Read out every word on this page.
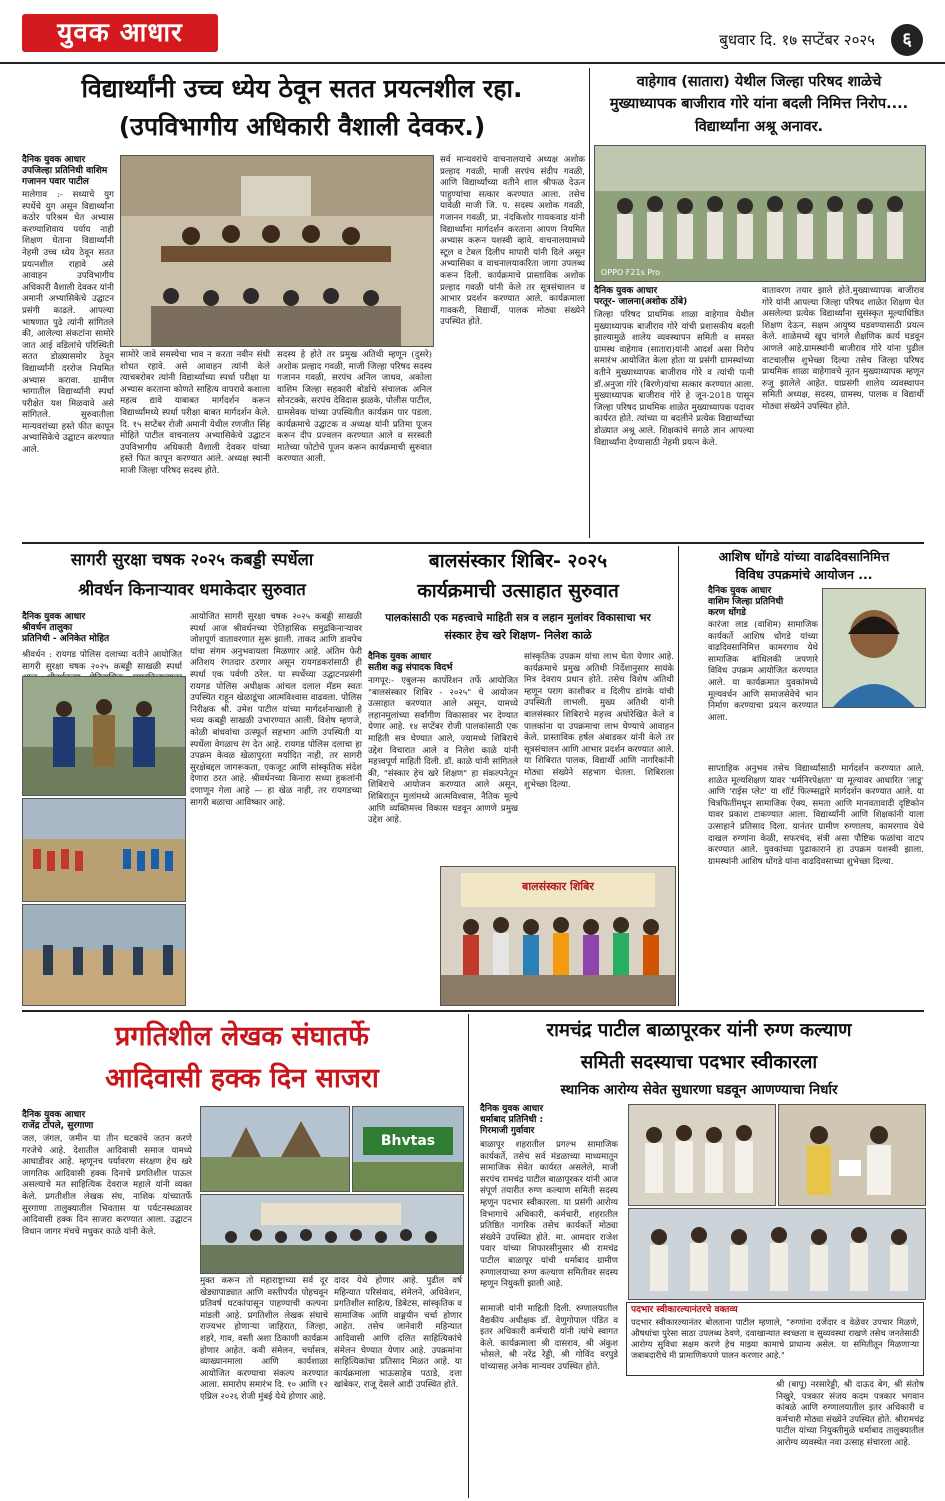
युवक आधार	बुधवार दि. १७ सप्टेंबर २०२५	६
विद्यार्थ्यांनी उच्च ध्येय ठेवून सतत प्रयत्नशील रहा.
(उपविभागीय अधिकारी वैशाली देवकर.)
दैनिक युवक आधार
उपजिल्हा प्रतिनिधी वाशिम
गजानन पवार पाटील
मालेगाव :- सध्याचे युग स्पर्धेचे युग असून विद्यार्थ्यांना कठोर परिश्रम घेत अभ्यास करण्याशिवाय पर्याय नाही शिक्षण घेताना विद्यार्थ्यांनी नेहमी उच्च ध्येय ठेवून सतत प्रयत्नशील राहावे असे आवाहन उपविभागीय अधिकारी वैशाली देवकर यांनी अमानी अभ्यासिकेचे उद्घाटन प्रसंगी काढले. आपल्या भाषणात पुढे त्यांनी सांगितले की, आलेल्या संकटांना सामोरे जात आई वडिलांचे परिस्थिती सतत डोळ्यासमोर ठेवून विद्यार्थ्यांनी दररोज नियमित अभ्यास करावा. ग्रामीण भागातील विद्यार्थ्यांनी स्पर्धा परीक्षेत यश मिळवावे असे सांगितले. सुरुवातीला मान्यवरांच्या हस्ते फीत कापून अभ्यासिकेचे उद्घाटन करण्यात आले.
सामोरे जावे समस्येचा भाव न करता नवीन संधी शोधत रहावे. असे आवाहन त्यांनी केले त्याचबरोबर त्यांनी विद्यार्थ्यांच्या स्पर्धा परीक्षा या अभ्यास करताना कोणते साहित्य वापरावे कशाला महत्व द्यावे याबाबत मार्गदर्शन करून विद्यार्थ्यांमध्ये स्पर्धा परीक्षा बाबत मार्गदर्शन केले. दि. १५ सप्टेंबर रोजी अमानी येथील रणजीत सिंह मोहिते पाटील वाचनालय अभ्यासिकेचे उद्घाटन उपविभागीय अधिकारी वैशाली देवकर यांच्या हस्ते फित कापून करण्यात आले. अध्यक्ष स्थानी माजी जिल्हा परिषद सदस्य होते.
सदस्य हे होते तर प्रमुख अतिथी म्हणून (दुसरे) अशोक प्रल्हाद गवळी, माजी जिल्हा परिषद सदस्य गजानन गवळी, सरपंच अनिल जाधव, अकोला वाशिम जिल्हा सहकारी बोर्डाचे संचालक अनिल सोनटक्के, सरपंच देविदास झळके, पोलीस पाटील, ग्रामसेवक यांच्या उपस्थितीत कार्यक्रम पार पडला. कार्यक्रमाचे उद्घाटक व अध्यक्ष यांनी प्रतिमा पूजन करून दीप प्रज्वलन करण्यात आले व सरस्वती मातेच्या फोटोचे पूजन करून कार्यक्रमाची सुरुवात करण्यात आली.
सर्व मान्यवरांचे वाचनालयाचे अध्यक्ष अशोक प्रल्हाद गवळी, माजी सरपंच संदीप गवळी, आणि विद्यार्थ्यांच्या वतीने शाल श्रीफळ देऊन पाहुण्यांचा सत्कार करण्यात आला. तसेच यावेळी माजी जि. प. सदस्य अशोक गवळी, गजानन गवळी, प्रा. नंदकिशोर गायकवाड यांनी विद्यार्थ्यांना मार्गदर्शन करताना आपण नियमित अभ्यास करून यशस्वी व्हावे. वाचनालयामध्ये स्टूल व टेबल दिलीप मापारी यांनी दिले असून अभ्यासिका व वाचनालयाकरिता जागा उपलब्ध करून दिली. कार्यक्रमाचे प्रास्ताविक अशोक प्रल्हाद गवळी यांनी केले तर सूत्रसंचालन व आभार प्रदर्शन करण्यात आले. कार्यक्रमाला गावकरी, विद्यार्थी, पालक मोठ्या संख्येने उपस्थित होते.
वाहेगाव (सातारा) येथील जिल्हा परिषद शाळेचे
मुख्याध्यापक बाजीराव गोरे यांना बदली निमित्त निरोप....
विद्यार्थ्यांना अश्रू अनावर.
OPPO F21s Pro
दैनिक युवक आधार
परतूर- जालना(अशोक ठोंबे)
जिल्हा परिषद प्राथमिक शाळा वाहेगाव येथील मुख्याध्यापक बाजीराव गोरे यांची प्रशासकीय बदली झाल्यामुळे शालेय व्यवस्थापन समिती व समस्त ग्रामस्थ वाहेगाव (सातारा)यांनी आदर्श असा निरोप समारंभ आयोजित केला होता या प्रसंगी ग्रामस्थांच्या वतीने मुख्याध्यापक बाजीराव गोरे व त्यांची पत्नी डॉ.अनुजा गोरे (बिरणे)यांचा सत्कार करण्यात आला. मुख्याध्यापक बाजीराव गोरे हे जून-2018 पासून जिल्हा परिषद प्राथमिक शाळेत मुख्याध्यापक पदावर कार्यरत होते. त्यांच्या या बदलीने प्रत्येक विद्यार्थ्यांच्या डोळ्यात अश्रू आले. शिक्षकांचे सगळे ज्ञान आपल्या विद्यार्थ्यांना देण्यासाठी नेहमी प्रयत्न केले.
वातावरण तयार झाले होते.मुख्याध्यापक बाजीराव गोरे यांनी आपल्या जिल्हा परिषद शाळेत शिक्षण घेत असलेल्या प्रत्येक विद्यार्थ्यांना सुसंस्कृत मूल्याधिष्ठित शिक्षण देऊन, सक्षम आयुष्य घडवण्यासाठी प्रयत्न केले. शाळेमध्ये खूप चांगले शैक्षणिक कार्य घडवून आणले आहे.ग्रामस्थांनी बाजीराव गोरे यांना पुढील वाटचालीस शुभेच्छा दिल्या तसेच जिल्हा परिषद प्राथमिक शाळा वाहेगावचे नूतन मुख्याध्यापक म्हणून रुजू झालेले आहेत. याप्रसंगी शालेय व्यवस्थापन समिती अध्यक्ष, सदस्य, ग्रामस्थ, पालक व विद्यार्थी मोठ्या संख्येने उपस्थित होते.
सागरी सुरक्षा चषक २०२५ कबड्डी स्पर्धेला
श्रीवर्धन किनाऱ्यावर धमाकेदार सुरुवात
दैनिक युवक आधार
श्रीवर्धन तालुका
प्रतिनिधी - अनिकेत मोहित
श्रीवर्धन : रायगड पोलिस दलाच्या वतीने आयोजित सागरी सुरक्षा चषक २०२५ कबड्डी साखळी स्पर्धा
आयोजित सागरी सुरक्षा चषक २०२५ कबड्डी साखळी स्पर्धा आज श्रीवर्धनच्या ऐतिहासिक समुद्रकिनाऱ्यावर जोशपूर्ण वातावरणात सुरू झाली. ताकद आणि डावपेच यांचा संगम अनुभवायला मिळणार आहे. अंतिम फेरी अतिशय रंगतदार ठरणार असून रायगडकरांसाठी ही स्पर्धा एक पर्वणी ठरेल. या स्पर्धेच्या उद्घाटनप्रसंगी रायगड पोलिस अधीक्षक आंचल दलाल मॅडम स्वतः उपस्थित राहून खेळाडूंचा आत्मविश्वास वाढवला. पोलिस निरीक्षक श्री. उमेश पाटील यांच्या मार्गदर्शनाखाली हे भव्य कबड्डी साखळी उभारण्यात आली. विशेष म्हणजे, कोळी बांधवांचा उत्स्फूर्त सहभाग आणि उपस्थिती या स्पर्धेला वेगळाच रंग देत आहे. रायगड पोलिस दलाचा हा उपक्रम केवळ खेळापुरता मर्यादित नाही, तर सागरी सुरक्षेबद्दल जागरूकता, एकजूट आणि सांस्कृतिक संदेश देणारा ठरत आहे. श्रीवर्धनच्या किनारा सध्या हुकलांनी दणाणून गेला आहे — हा खेळ नाही, तर रायगडच्या सागरी बळाचा आविष्कार आहे.
बालसंस्कार शिबिर- २०२५
कार्यक्रमाची उत्साहात सुरुवात
पालकांसाठी एक महत्त्वाचे माहिती सत्र व लहान मुलांवर विकासाचा भर
संस्कार हेच खरे शिक्षण- निलेश काळे
दैनिक युवक आधार
सतीश कडु संपादक विदर्भ
नागपूर:- एबुलन्स कार्पोरेशन तर्फे आयोजित "बालसंस्कार शिबिर - २०२५" चे आयोजन उत्साहात करण्यात आले असून, यामध्ये लहानमुलांच्या सर्वांगीण विकासावर भर देण्यात येणार आहे. १४ सप्टेंबर रोजी पालकांसाठी एक माहिती सत्र घेण्यात आले, ज्यामध्ये शिबिराचे उद्देश विचारात आले व निलेश काळे यांनी महत्त्वपूर्ण माहिती दिली. डॉ. काळे यांनी सांगितले की, "संस्कार हेच खरे शिक्षण" हा संकल्पनेतून शिबिराचे आयोजन करण्यात आले असून, शिबिरातून मुलांमध्ये आत्मविश्वास, नैतिक मूल्ये आणि व्यक्तिमत्त्व विकास घडवून आणणे प्रमुख उद्देश आहे.
सांस्कृतिक उपक्रम यांचा लाभ घेता येणार आहे. कार्यक्रमाचे प्रमुख अतिथी निर्देशानुसार सायंके मित्र देवराय प्रधान होते. तसेच विशेष अतिथी म्हणून पराग काशीकर व दिलीप डांगके यांची उपस्थिती लाभली. मुख्य अतिथी यांनी बालसंस्कार शिबिराचे महत्त्व अधोरेखित केले व पालकांना या उपक्रमाचा लाभ घेण्याचे आवाहन केले. प्रास्ताविक हर्षल अंबाडकर यांनी केले तर सूत्रसंचालन आणि आभार प्रदर्शन करण्यात आले. या शिबिरात पालक, विद्यार्थी आणि नागरिकांनी मोठ्या संख्येने सहभाग घेतला. शिबिराला शुभेच्छा दिल्या.
बालसंस्कार शिबिर
आशिष धोंगडे यांच्या वाढदिवसानिमित्त
विविध उपक्रमांचे आयोजन ...
दैनिक युवक आधार
वाशिम जिल्हा प्रतिनिधी
करण धोंगडे
कारंजा लाड (वाशिम) सामाजिक कार्यकर्ते आशिष धोंगडे यांच्या वाढदिवसानिमित्त कामरगाव येथे सामाजिक बांधिलकी जपणारे विविध उपक्रम आयोजित करण्यात आले. या कार्यक्रमात युवकांमध्ये मूल्यवर्धन आणि समाजसेवेचे भान निर्माण करण्याचा प्रयत्न करण्यात आला.
साप्ताहिक अनुभव तसेच विद्यार्थ्यांसाठी मार्गदर्शन करण्यात आले. शाळेत मूल्यशिक्षण यावर 'धर्मनिरपेक्षता' या मूल्यावर आधारित 'लाडू' आणि 'राईस प्लेट' या शॉर्ट फिल्म्सद्वारे मार्गदर्शन करण्यात आले. या चित्रफितींमधून सामाजिक ऐक्य, समता आणि मानवतावादी दृष्टिकोन यावर प्रकाश टाकण्यात आला. विद्यार्थ्यांनी आणि शिक्षकांनी याला उत्साहाने प्रतिसाद दिला. यानंतर ग्रामीण रुग्णालय, कामरगाव येथे दाखल रुग्णांना केळी, सफरचंद, संत्री असा पौष्टिक फळांचा वाटप करण्यात आले. युवकांच्या पुढाकाराने हा उपक्रम यशस्वी झाला. ग्रामस्थांनी आशिष धोंगडे यांना वाढदिवसाच्या शुभेच्छा दिल्या.
प्रगतिशील लेखक संघातर्फे
आदिवासी हक्क दिन साजरा
दैनिक युवक आधार
राजेंद्र टोंपले, सुरगाणा
जल, जंगल, जमीन या तीन घटकांचे जतन करणे गरजेचे आहे. देशातील आदिवासी समाज यामध्ये आघाडीवर आहे. म्हणूनच पर्यावरण संरक्षण हेच खरे जागतिक आदिवासी हक्क दिनाचे प्रगतिशील पाऊल असल्याचे मत साहित्यिक देवराज महाले यांनी व्यक्त केले. प्रगतीशील लेखक संघ, नाशिक यांच्यातर्फे सुरगाणा तालुक्यातील भिवतास या पर्यटनस्थळावर आदिवासी हक्क दिन साजरा करण्यात आला. उद्घाटन विधान जागर मंचचे मधुकर काळे यांनी केले.
Bhvtas
मुक्त करून तो महाराष्ट्राच्या सर्व दूर खेड्यापाड्यात आणि वस्तीपर्यंत पोहचवून प्रतिवर्ष घटकांपासून पाहण्याची कल्पना मांडली आहे. प्रगतिशील लेखक संघाचे राज्यभर होणाऱ्या जाहिरात, जिल्हा, शहरे, गाव, वस्ती अशा ठिकाणी कार्यक्रम होणार आहेत. कवी संमेलन, चर्चासत्र, व्याख्यानमाला आणि कार्यशाळा आयोजित करण्याचा संकल्प करण्यात आला. समारोप समारंभ दि. १० आणि १२ एप्रिल २०२६ रोजी मुंबई येथे होणार आहे.
दादर येथे होणार आहे. पुढील वर्ष महिन्यात परिसंवाद, संमेलने, अधिवेशन, प्रगतिशील साहित्य, डिबेटस, सांस्कृतिक व सामाजिक आणि वाङ्मयीन चर्चा होणार आहेत. तसेच जानेवारी महिन्यात आदिवासी आणि दलित साहित्यिकांचे संमेलन घेण्यात येणार आहे. उपक्रमांना साहित्यिकांचा प्रतिसाद मिळत आहे. या कार्यक्रमाला भाऊसाहेब पठाडे, दत्ता खांबेकर, राजू देसले आदी उपस्थित होते.
रामचंद्र पाटील बाळापूरकर यांनी रुग्ण कल्याण
समिती सदस्याचा पदभार स्वीकारला
स्थानिक आरोग्य सेवेत सुधारणा घडवून आणण्याचा निर्धार
दैनिक युवक आधार
धर्माबाद प्रतिनिधी :
गिरमाजी गुर्वावार
बाळापूर शहरातील प्रगल्भ सामाजिक कार्यकर्ते, तसेच सर्व मंडळाच्या माध्यमातून सामाजिक सेवेत कार्यरत असलेले, माजी सरपंच रामचंद्र पाटील बाळापूरकर यांनी आज संपूर्ण तयारीत रुग्ण कल्याण समिती सदस्य म्हणून पदभार स्वीकारला. या प्रसंगी आरोग्य विभागाचे अधिकारी, कर्मचारी, शहरातील प्रतिष्ठित नागरिक तसेच कार्यकर्ते मोठ्या संख्येने उपस्थित होते. मा. आमदार राजेश पवार यांच्या शिफारसीनुसार श्री रामचंद्र पाटील बाळापूर यांची धर्माबाद ग्रामीण रुग्णालयाच्या रुग्ण कल्याण समितीवर सदस्य म्हणून नियुक्ती झाली आहे.
सामाजी यांनी माहिती दिली. रुग्णालयातील वैद्यकीय अधीक्षक डॉ. वेणुगोपाल पंडित व इतर अधिकारी कर्मचारी यांनी त्यांचे स्वागत केले. कार्यक्रमाला श्री दासराव, श्री अंकुश भोसले, श्री नरेंद्र रेड्डी, श्री गोविंद वरपुडे यांच्यासह अनेक मान्यवर उपस्थित होते.
पदभार स्वीकारल्यानंतरचे वक्तव्य
पदभार स्वीकारल्यानंतर बोलताना पाटील म्हणाले, "रुग्णांना दर्जेदार व वेळेवर उपचार मिळणे, औषधांचा पुरेसा साठा उपलब्ध ठेवणे, दवाखान्यात स्वच्छता व सुव्यवस्था राखणे तसेच जनतेसाठी आरोग्य सुविधा सक्षम करणे हेच माझ्या कामाचे प्राधान्य असेल. या समितीतून मिळणाऱ्या जबाबदारीचे मी प्रामाणिकपणे पालन करणार आहे."
श्री (बापू) नरसारेड्डी, श्री दाऊद बेग, श्री संतोष निखुरे, पत्रकार संजय कदम पत्रकार भगवान कांबळे आणि रुग्णालयातील इतर अधिकारी व कर्मचारी मोठ्या संख्येने उपस्थित होते. श्रीरामचंद्र पाटील यांच्या नियुक्तीमुळे धर्माबाद तालुक्यातील आरोग्य व्यवस्थेत नवा उत्साह संचारला आहे.
